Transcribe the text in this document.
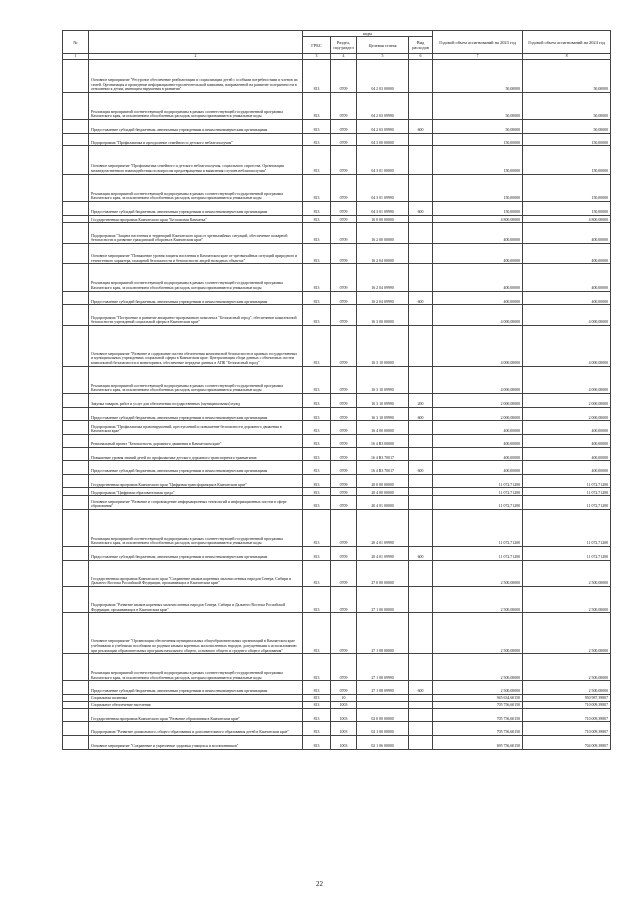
№		коды				Годовой объем ассигнований на 2023 год	Годовой объем ассигнований на 2024 год
		ГРБС	Раздел, под-раздел	Целевая статья	Вид расходов		
1	2	3	4	5	6	7	8
	Основное мероприятие "Ресурсное обеспечение реабилитации и социализации детей с особыми потребностями и членов их семей. Организация и проведение информационно-просветительской кампании, направленной на развитие толерантности в отношении к детям, имеющим нарушения в развитии"	813	0709	04 2 03 00000		50,00000	50,00000
	Реализация мероприятий соответствующей подпрограммы в рамках соответствующей государственной программы Камчатского края, за исключением обособленных расходов, которым присваиваются уникальные коды	813	0709	04 2 03 09990		50,00000	50,00000
	Предоставление субсидий бюджетным, автономным учреждениям и иным некоммерческим организациям	813	0709	04 2 03 09990	600	50,00000	50,00000
	Подпрограмма "Профилактика и преодоление семейного и детского неблагополучия"	813	0709	04 3 00 00000		150,00000	150,00000
	Основное мероприятие "Профилактика семейного и детского неблагополучия, социального сиротства. Организация межведомственного взаимодействия по вопросам предотвращения и выявления случаев неблагополучия"	813	0709	04 3 01 00000		150,00000	150,00000
	Реализация мероприятий соответствующей подпрограммы в рамках соответствующей государственной программы Камчатского края, за исключением обособленных расходов, которым присваиваются уникальные коды	813	0709	04 3 01 09990		150,00000	150,00000
	Предоставление субсидий бюджетным, автономным учреждениям и иным некоммерческим организациям	813	0709	04 3 01 09990	600	150,00000	150,00000
	Государственная программа Камчатского края "Безопасная Камчатка"	813	0709	16 0 00 00000		4 800,00000	4 800,00000
	Подпрограмма "Защита населения и территорий Камчатского края от чрезвычайных ситуаций, обеспечение пожарной безопасности и развитие гражданской обороны в Камчатском крае"	813	0709	16 2 00 00000		400,00000	400,00000
	Основное мероприятие "Повышение уровня защиты населения в Камчатском крае от чрезвычайных ситуаций природного и техногенного характера, пожарной безопасности и безопасности людей на водных объектах"	813	0709	16 2 04 00000		400,00000	400,00000
	Реализация мероприятий соответствующей подпрограммы в рамках соответствующей государственной программы Камчатского края, за исключением обособленных расходов, которым присваиваются уникальные коды	813	0709	16 2 04 09990		400,00000	400,00000
	Предоставление субсидий бюджетным, автономным учреждениям и иным некоммерческим организациям	813	0709	16 2 04 09990	600	400,00000	400,00000
	Подпрограмма "Построение и развитие аппаратно-программного комплекса "Безопасный город", обеспечение комплексной безопасности учреждений социальной сферы в Камчатском крае"	813	0709	16 3 00 00000		4 000,00000	4 000,00000
	Основное мероприятие "Развитие и содержание систем обеспечения комплексной безопасности в краевых государственных и муниципальных учреждениях социальной сферы в Камчатском крае. Централизация сбора данных с объектовых систем комплексной безопасности и мониторинга, обеспечение передачи данных в АПК "Безопасный город"	813	0709	16 3 10 00000		4 000,00000	4 000,00000
	Реализация мероприятий соответствующей подпрограммы в рамках соответствующей государственной программы Камчатского края, за исключением обособленных расходов, которым присваиваются уникальные коды	813	0709	16 3 10 09990		4 000,00000	4 000,00000
	Закупка товаров, работ и услуг для обеспечения государственных (муниципальных) нужд	813	0709	16 3 10 09990	200	2 000,00000	2 000,00000
	Предоставление субсидий бюджетным, автономным учреждениям и иным некоммерческим организациям	813	0709	16 3 10 09990	600	2 000,00000	2 000,00000
	Подпрограмма "Профилактика правонарушений, преступлений и повышение безопасности дорожного движения в Камчатском крае"	813	0709	16 4 00 00000		400,00000	400,00000
	Региональный проект "Безопасность дорожного движения в Камчатском крае"	813	0709	16 4 R3 00000		400,00000	400,00000
	Повышение уровня знаний детей по профилактике детского дорожного транспортного травматизма	813	0709	16 4 R3 70017		400,00000	400,00000
	Предоставление субсидий бюджетным, автономным учреждениям и иным некоммерческим организациям	813	0709	16 4 R3 70017	600	400,00000	400,00000
	Государственная программа Камчатского края "Цифровая трансформация в Камчатском крае"	813	0709	20 0 00 00000		11 072,71200	11 072,71200
	Подпрограмма "Цифровая образовательная среда"	813	0709	20 4 00 00000		11 072,71200	11 072,71200
	Основное мероприятие "Развитие и сопровождение информационных технологий и информационных систем в сфере образования"	813	0709	20 4 01 00000		11 072,71200	11 072,71200
	Реализация мероприятий соответствующей подпрограммы в рамках соответствующей государственной программы Камчатского края, за исключением обособленных расходов, которым присваиваются уникальные коды	813	0709	20 4 01 09990		11 072,71200	11 072,71200
	Предоставление субсидий бюджетным, автономным учреждениям и иным некоммерческим организациям	813	0709	20 4 01 09990	600	11 072,71200	11 072,71200
	Государственная программа Камчатского края "Сохранение языков коренных малочисленных народов Севера, Сибири и Дальнего Востока Российской Федерации, проживающих в Камчатском крае"	813	0709	27 0 00 00000		2 500,00000	2 500,00000
	Подпрограмма "Развитие языков коренных малочисленных народов Севера, Сибири и Дальнего Востока Российской Федерации, проживающих в Камчатском крае"	813	0709	27 1 00 00000		2 500,00000	2 500,00000
	Основное мероприятие "Организация обеспечения муниципальных общеобразовательных организаций в Камчатском крае учебниками и учебными пособиями по родным языкам коренных малочисленных народов, допущенными к использованию при реализации образовательных программ начального общего, основного общего и среднего общего образования"	813	0709	27 1 08 00000		2 500,00000	2 500,00000
	Реализация мероприятий соответствующей подпрограммы в рамках соответствующей государственной программы Камчатского края, за исключением обособленных расходов, которым присваиваются уникальные коды	813	0709	27 1 08 09990		2 500,00000	2 500,00000
	Предоставление субсидий бюджетным, автономным учреждениям и иным некоммерческим организациям	813	0709	27 1 08 09990	600	2 500,00000	2 500,00000
	Социальная политика	813	10			945 634,60150	950 987,39807
	Социальное обеспечение населения	813	1003			705 756,60150	710 009,39807
	Государственная программа Камчатского края "Развитие образования в Камчатском крае"	813	1003	02 0 00 00000		705 756,60150	710 009,39807
	Подпрограмма "Развитие дошкольного, общего образования и дополнительного образования детей в Камчатском крае"	813	1003	02 1 00 00000		705 756,60150	710 009,39807
	Основное мероприятие "Сохранение и укрепление здоровья учащихся и воспитанников"	813	1003	02 1 06 00000		695 756,60150	704 009,39807
22
